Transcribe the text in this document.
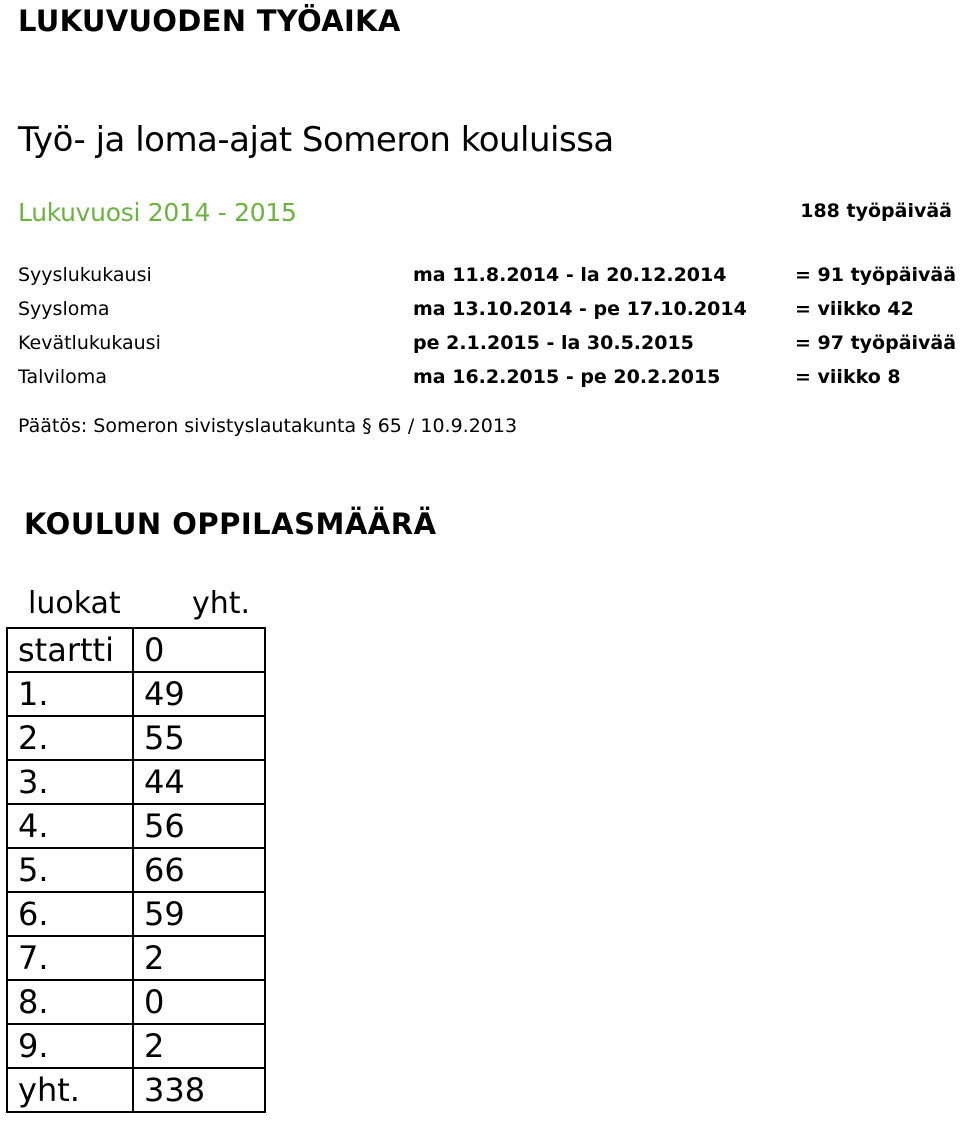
LUKUVUODEN TYÖAIKA
Työ- ja loma-ajat Someron kouluissa
Lukuvuosi 2014 - 2015	188 työpäivää
Syyslukukausi	ma 11.8.2014 - la 20.12.2014	= 91 työpäivää
Syysloma	ma 13.10.2014 - pe 17.10.2014	= viikko 42
Kevätlukukausi	pe 2.1.2015 - la 30.5.2015	= 97 työpäivää
Talviloma	ma 16.2.2015 - pe 20.2.2015	= viikko 8
Päätös: Someron sivistyslautakunta § 65 / 10.9.2013
KOULUN OPPILASMÄÄRÄ
luokat yht.
startti	0
1.	49
2.	55
3.	44
4.	56
5.	66
6.	59
7.	2
8.	0
9.	2
yht.	338
